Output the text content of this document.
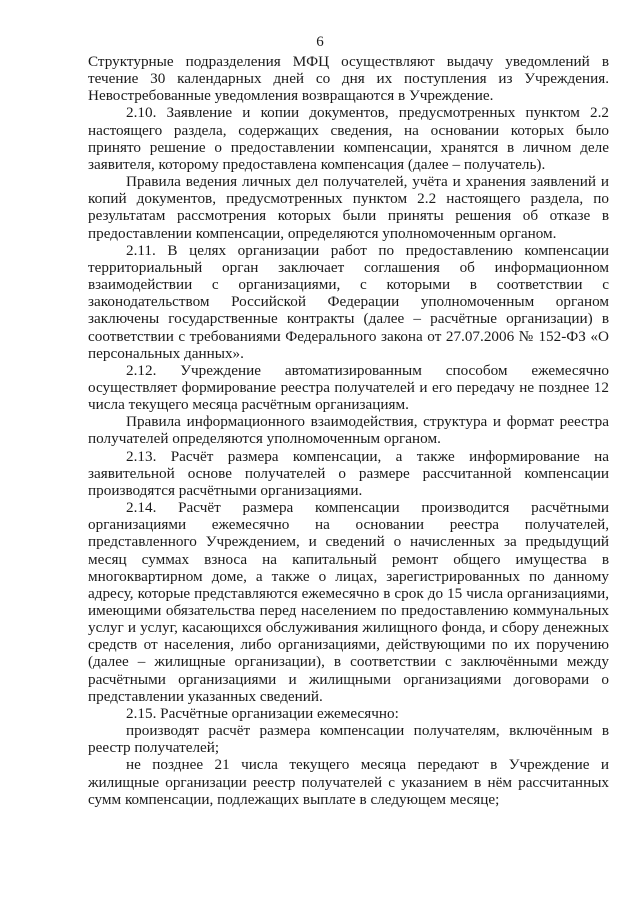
6

Структурные подразделения МФЦ осуществляют выдачу уведомлений в течение 30 календарных дней со дня их поступления из Учреждения. Невостребованные уведомления возвращаются в Учреждение.

2.10. Заявление и копии документов, предусмотренных пунктом 2.2 настоящего раздела, содержащих сведения, на основании которых было принято решение о предоставлении компенсации, хранятся в личном деле заявителя, которому предоставлена компенсация (далее – получатель).

Правила ведения личных дел получателей, учёта и хранения заявлений и копий документов, предусмотренных пунктом 2.2 настоящего раздела, по результатам рассмотрения которых были приняты решения об отказе в предоставлении компенсации, определяются уполномоченным органом.

2.11. В целях организации работ по предоставлению компенсации территориальный орган заключает соглашения об информационном взаимодействии с организациями, с которыми в соответствии с законодательством Российской Федерации уполномоченным органом заключены государственные контракты (далее – расчётные организации) в соответствии с требованиями Федерального закона от 27.07.2006 № 152-ФЗ «О персональных данных».

2.12. Учреждение автоматизированным способом ежемесячно осуществляет формирование реестра получателей и его передачу не позднее 12 числа текущего месяца расчётным организациям.

Правила информационного взаимодействия, структура и формат реестра получателей определяются уполномоченным органом.

2.13. Расчёт размера компенсации, а также информирование на заявительной основе получателей о размере рассчитанной компенсации производятся расчётными организациями.

2.14. Расчёт размера компенсации производится расчётными организациями ежемесячно на основании реестра получателей, представленного Учреждением, и сведений о начисленных за предыдущий месяц суммах взноса на капитальный ремонт общего имущества в многоквартирном доме, а также о лицах, зарегистрированных по данному адресу, которые представляются ежемесячно в срок до 15 числа организациями, имеющими обязательства перед населением по предоставлению коммунальных услуг и услуг, касающихся обслуживания жилищного фонда, и сбору денежных средств от населения, либо организациями, действующими по их поручению (далее – жилищные организации), в соответствии с заключёнными между расчётными организациями и жилищными организациями договорами о представлении указанных сведений.

2.15. Расчётные организации ежемесячно:

производят расчёт размера компенсации получателям, включённым в реестр получателей;

не позднее 21 числа текущего месяца передают в Учреждение и жилищные организации реестр получателей с указанием в нём рассчитанных сумм компенсации, подлежащих выплате в следующем месяце;
